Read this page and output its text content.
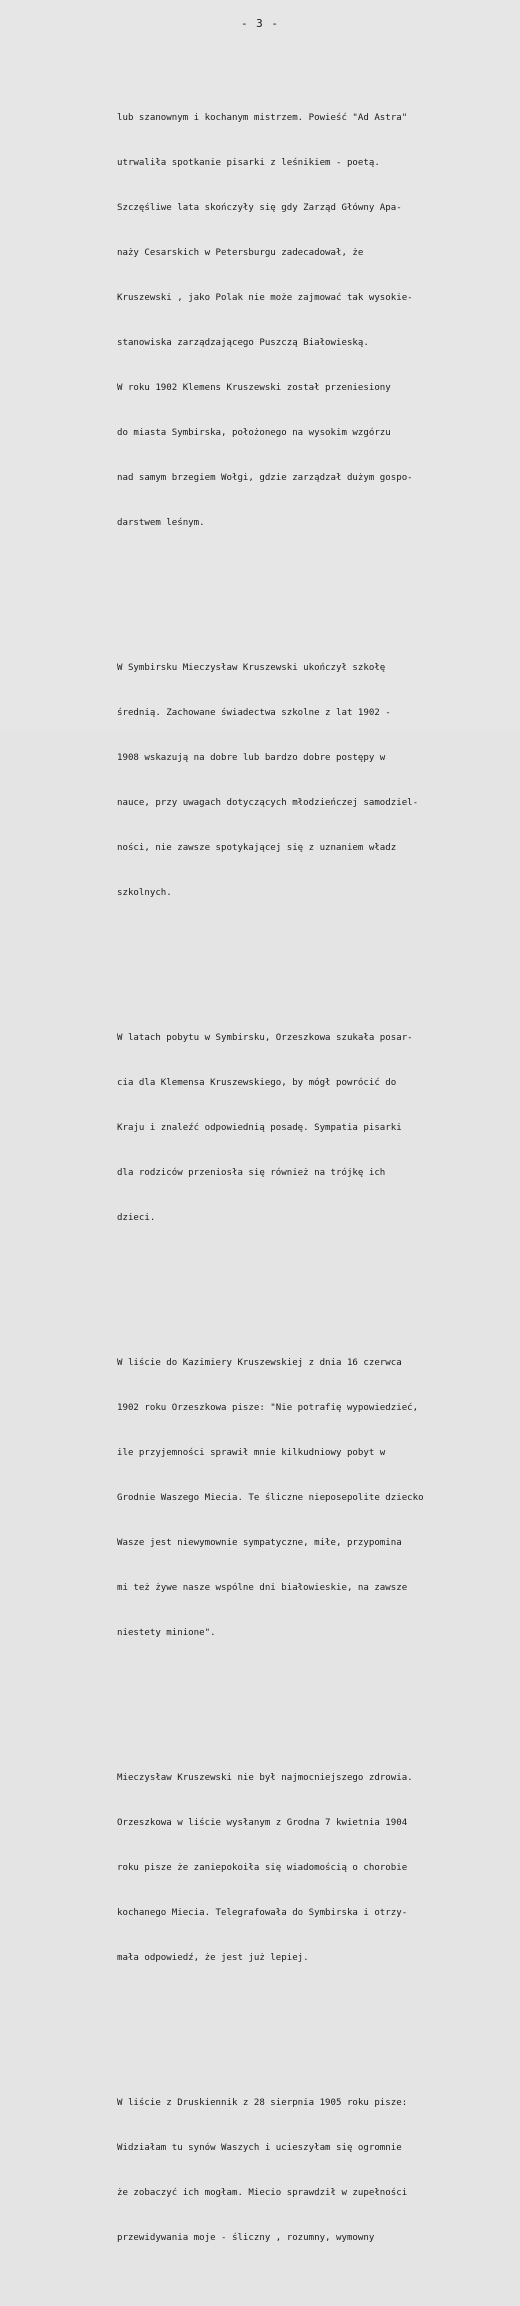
- 3 -

lub szanownym i kochanym mistrzem. Powieść "Ad Astra"

utrwaliła spotkanie pisarki z leśnikiem - poetą.

Szczęśliwe lata skończyły się gdy Zarząd Główny Apa-

naży Cesarskich w Petersburgu zadecadował, że

Kruszewski , jako Polak nie może zajmować tak wysokie-

stanowiska zarządzającego Puszczą Białowieską.

W roku 1902 Klemens Kruszewski został przeniesiony

do miasta Symbirska, położonego na wysokim wzgórzu

nad samym brzegiem Wołgi, gdzie zarządzał dużym gospo-

darstwem leśnym.

W Symbirsku Mieczysław Kruszewski ukończył szkołę

średnią. Zachowane świadectwa szkolne z lat 1902 -

1908 wskazują na dobre lub bardzo dobre postępy w

nauce, przy uwagach dotyczących młodzieńczej samodziel-

ności, nie zawsze spotykającej się z uznaniem władz

szkolnych.

W latach pobytu w Symbirsku, Orzeszkowa szukała posar-

cia dla Klemensa Kruszewskiego, by mógł powrócić do

Kraju i znaleźć odpowiednią posadę. Sympatia pisarki

dla rodziców przeniosła się również na trójkę ich

dzieci.

W liście do Kazimiery Kruszewskiej z dnia 16 czerwca

1902 roku Orzeszkowa pisze: "Nie potrafię wypowiedzieć,

ile przyjemności sprawił mnie kilkudniowy pobyt w

Grodnie Waszego Miecia. Te śliczne nieposepolite dziecko

Wasze jest niewymownie sympatyczne, miłe, przypomina

mi też żywe nasze wspólne dni białowieskie, na zawsze

niestety minione".

Mieczysław Kruszewski nie był najmocniejszego zdrowia.

Orzeszkowa w liście wysłanym z Grodna 7 kwietnia 1904

roku pisze że zaniepokoiła się wiadomością o chorobie

kochanego Miecia. Telegrafowała do Symbirska i otrzy-

mała odpowiedź, że jest już lepiej.

W liście z Druskiennik z 28 sierpnia 1905 roku pisze:

Widziałam tu synów Waszych i ucieszyłam się ogromnie

że zobaczyć ich mogłam. Miecio sprawdził w zupełności

przewidywania moje - śliczny , rozumny, wymowny
